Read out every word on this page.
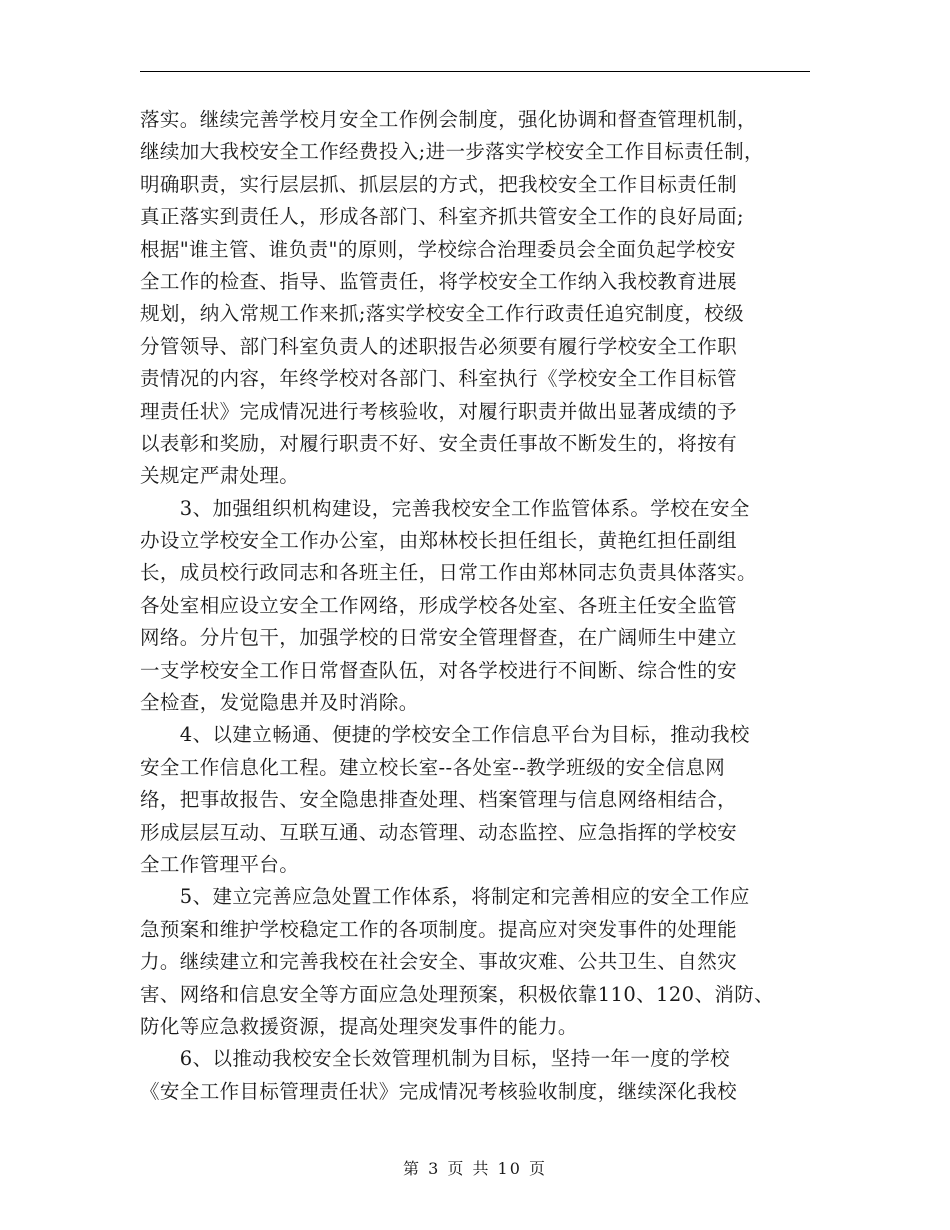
落实。继续完善学校月安全工作例会制度，强化协调和督查管理机制，
继续加大我校安全工作经费投入;进一步落实学校安全工作目标责任制，
明确职责，实行层层抓、抓层层的方式，把我校安全工作目标责任制
真正落实到责任人，形成各部门、科室齐抓共管安全工作的良好局面;
根据"谁主管、谁负责"的原则，学校综合治理委员会全面负起学校安
全工作的检查、指导、监管责任，将学校安全工作纳入我校教育进展
规划，纳入常规工作来抓;落实学校安全工作行政责任追究制度，校级
分管领导、部门科室负责人的述职报告必须要有履行学校安全工作职
责情况的内容，年终学校对各部门、科室执行《学校安全工作目标管
理责任状》完成情况进行考核验收，对履行职责并做出显著成绩的予
以表彰和奖励，对履行职责不好、安全责任事故不断发生的，将按有
关规定严肃处理。
　　3、加强组织机构建设，完善我校安全工作监管体系。学校在安全
办设立学校安全工作办公室，由郑林校长担任组长，黄艳红担任副组
长，成员校行政同志和各班主任，日常工作由郑林同志负责具体落实。
各处室相应设立安全工作网络，形成学校各处室、各班主任安全监管
网络。分片包干，加强学校的日常安全管理督查，在广阔师生中建立
一支学校安全工作日常督查队伍，对各学校进行不间断、综合性的安
全检查，发觉隐患并及时消除。
　　4、以建立畅通、便捷的学校安全工作信息平台为目标，推动我校
安全工作信息化工程。建立校长室--各处室--教学班级的安全信息网
络，把事故报告、安全隐患排查处理、档案管理与信息网络相结合，
形成层层互动、互联互通、动态管理、动态监控、应急指挥的学校安
全工作管理平台。
　　5、建立完善应急处置工作体系，将制定和完善相应的安全工作应
急预案和维护学校稳定工作的各项制度。提高应对突发事件的处理能
力。继续建立和完善我校在社会安全、事故灾难、公共卫生、自然灾
害、网络和信息安全等方面应急处理预案，积极依靠110、120、消防、
防化等应急救援资源，提高处理突发事件的能力。
　　6、以推动我校安全长效管理机制为目标，坚持一年一度的学校
《安全工作目标管理责任状》完成情况考核验收制度，继续深化我校
第 3 页 共 10 页
